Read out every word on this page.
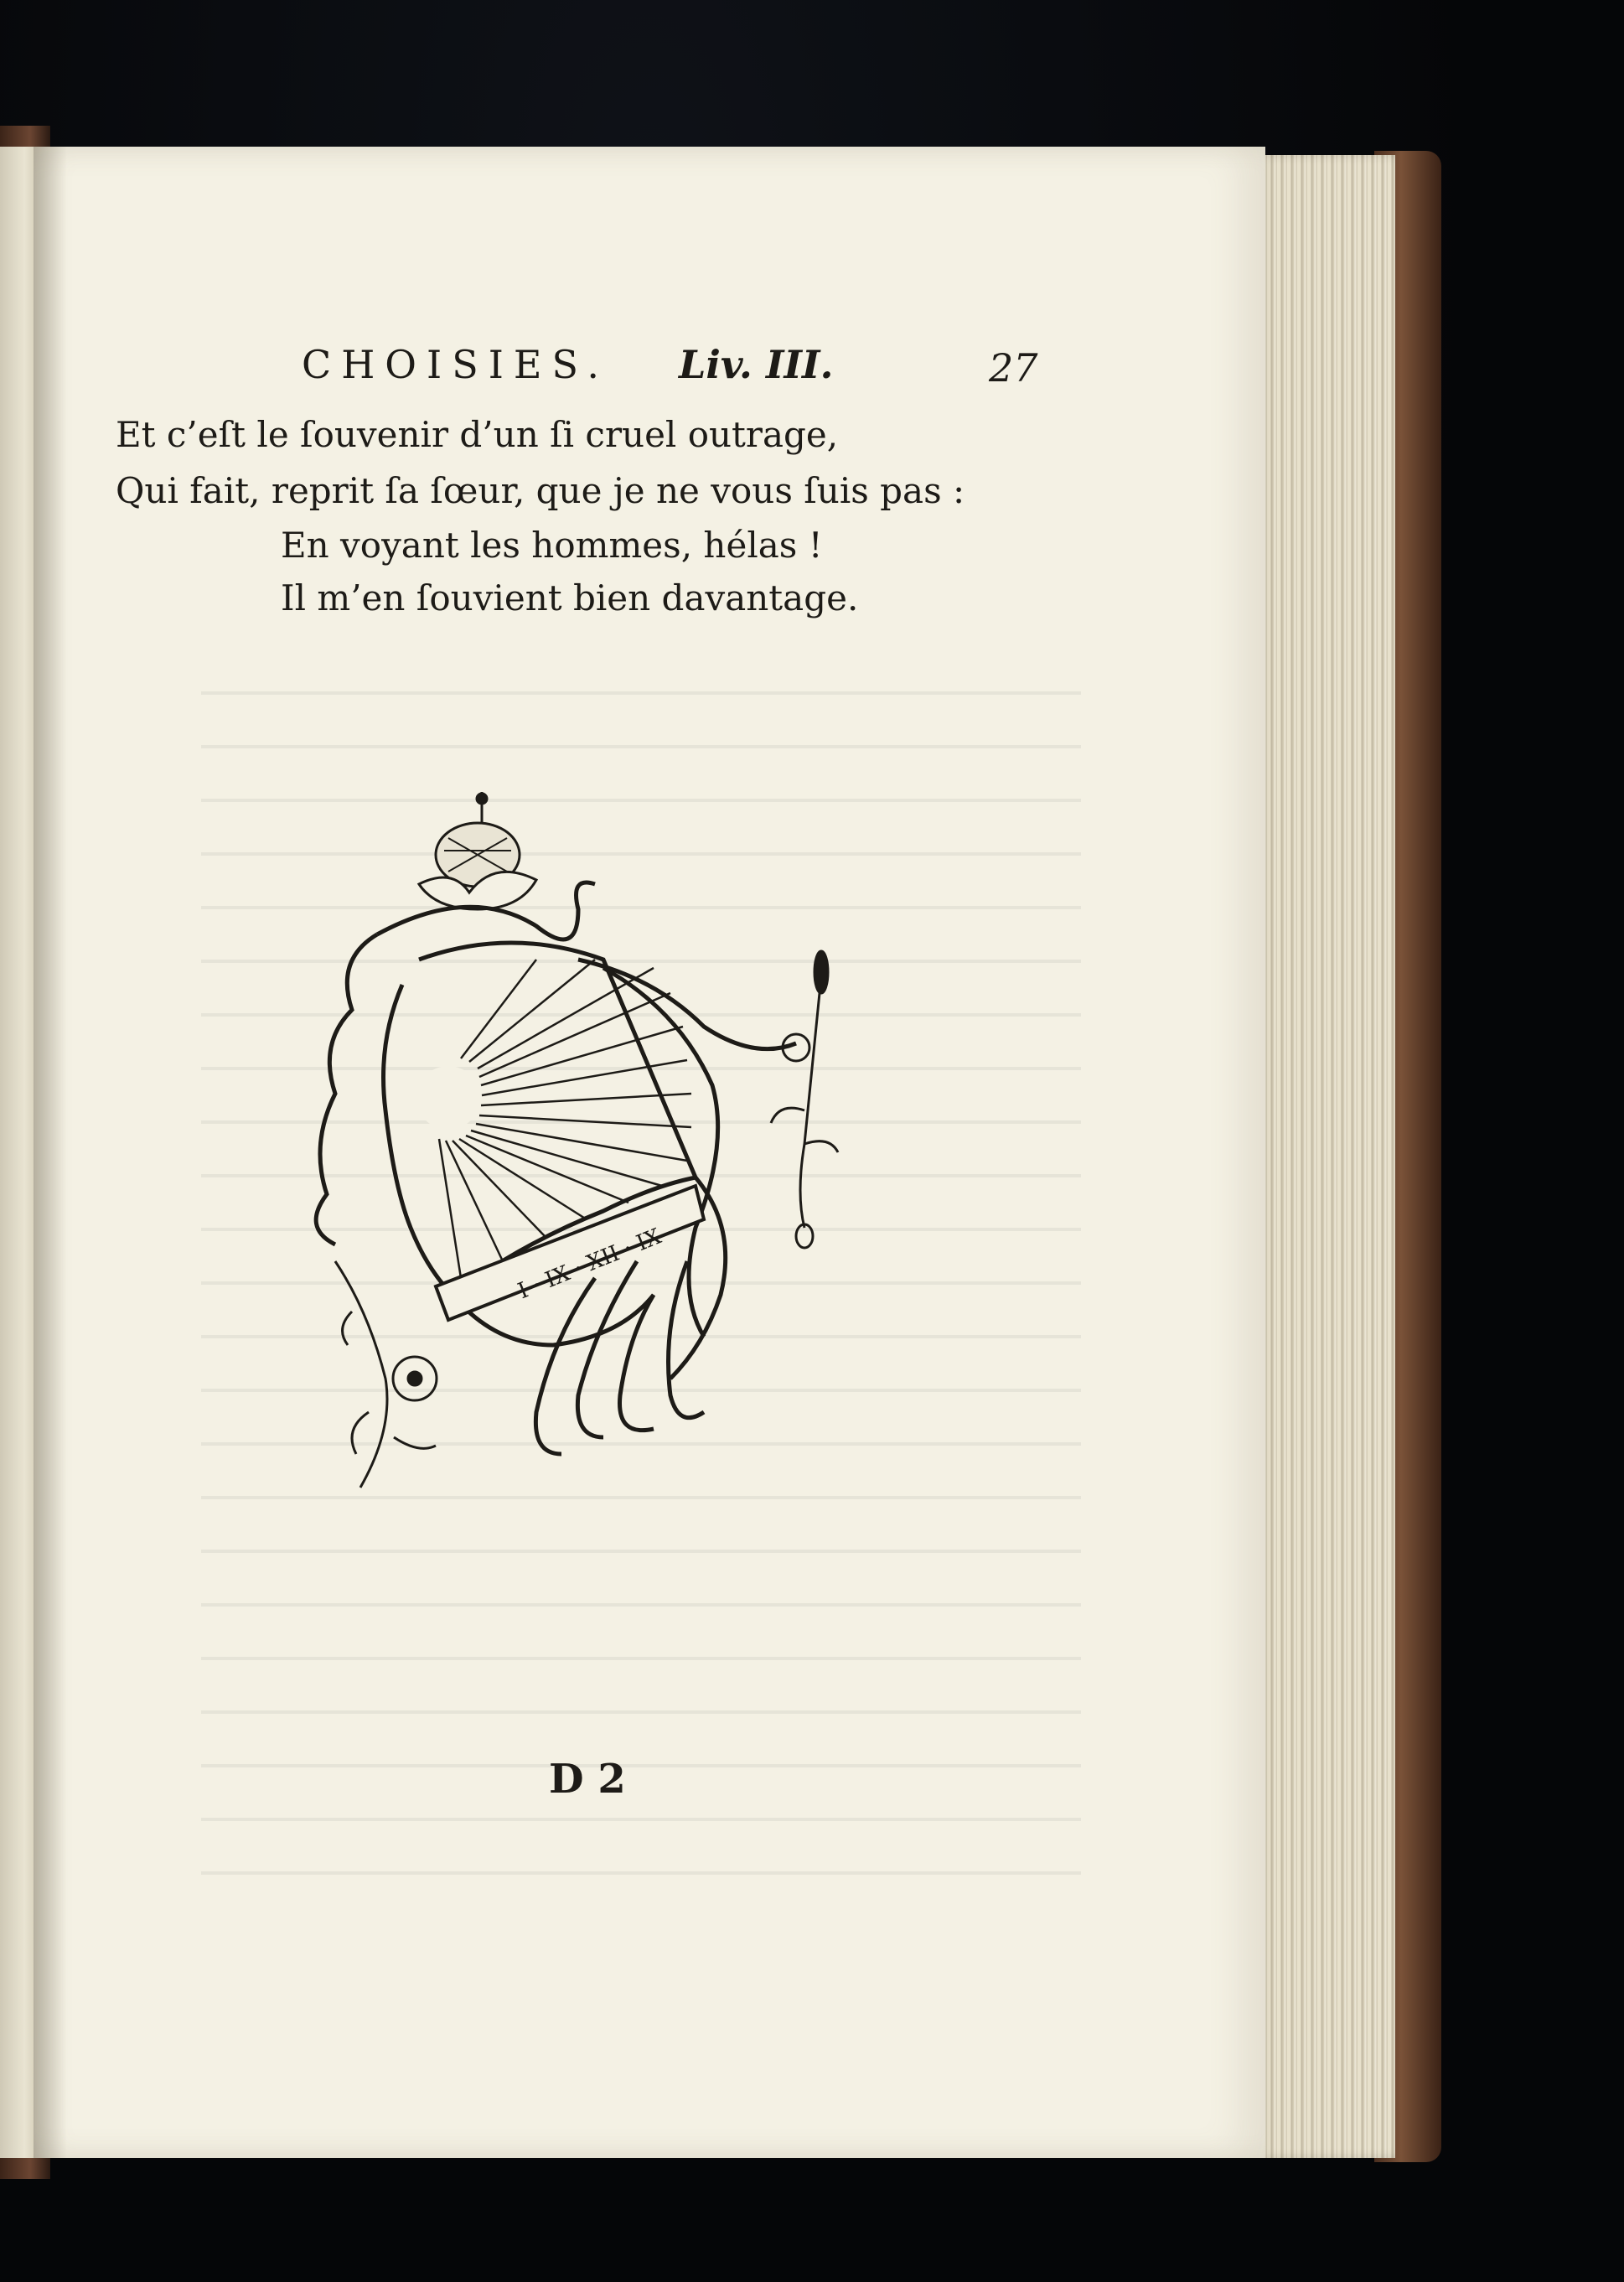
CHOISIES. Liv. III.	27
Et c’eſt le ſouvenir d’un ſi cruel outrage,
Qui fait, reprit ſa ſœur, que je ne vous ſuis pas :
En voyant les hommes, hélas !
Il m’en ſouvient bien davantage.
I · IX · XII · IX
D 2
